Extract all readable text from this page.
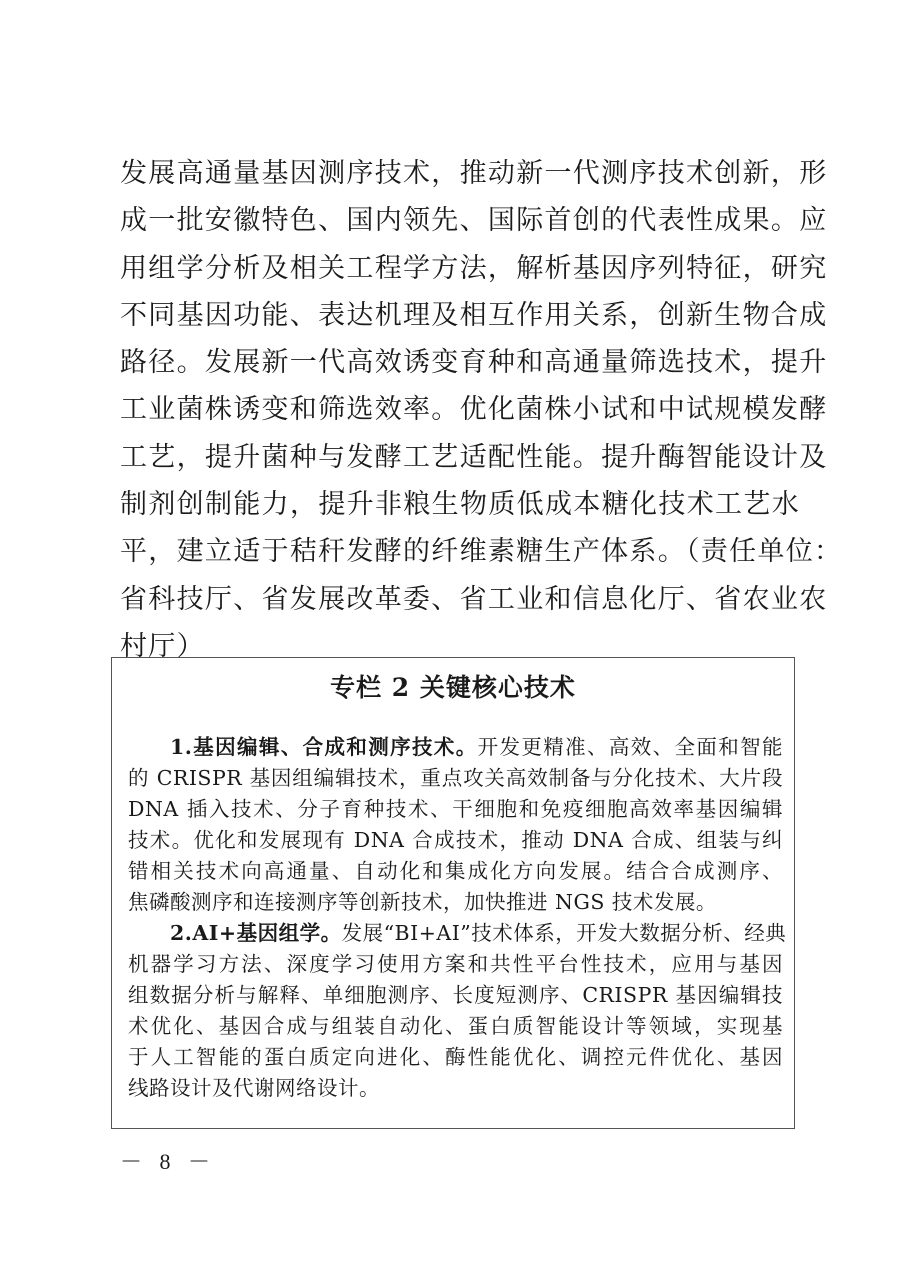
发展高通量基因测序技术，推动新一代测序技术创新，形
成一批安徽特色、国内领先、国际首创的代表性成果。应
用组学分析及相关工程学方法，解析基因序列特征，研究
不同基因功能、表达机理及相互作用关系，创新生物合成
路径。发展新一代高效诱变育种和高通量筛选技术，提升
工业菌株诱变和筛选效率。优化菌株小试和中试规模发酵
工艺，提升菌种与发酵工艺适配性能。提升酶智能设计及
制剂创制能力，提升非粮生物质低成本糖化技术工艺水
平，建立适于秸秆发酵的纤维素糖生产体系。（责任单位：
省科技厅、省发展改革委、省工业和信息化厅、省农业农
村厅）
专栏 2 关键核心技术
1.基因编辑、合成和测序技术。开发更精准、高效、全面和智能
的 CRISPR 基因组编辑技术，重点攻关高效制备与分化技术、大片段
DNA 插入技术、分子育种技术、干细胞和免疫细胞高效率基因编辑
技术。优化和发展现有 DNA 合成技术，推动 DNA 合成、组装与纠
错相关技术向高通量、自动化和集成化方向发展。结合合成测序、
焦磷酸测序和连接测序等创新技术，加快推进 NGS 技术发展。
2.AI+基因组学。发展“BI+AI”技术体系，开发大数据分析、经典
机器学习方法、深度学习使用方案和共性平台性技术，应用与基因
组数据分析与解释、单细胞测序、长度短测序、CRISPR 基因编辑技
术优化、基因合成与组装自动化、蛋白质智能设计等领域，实现基
于人工智能的蛋白质定向进化、酶性能优化、调控元件优化、基因
线路设计及代谢网络设计。
－ 8 －
